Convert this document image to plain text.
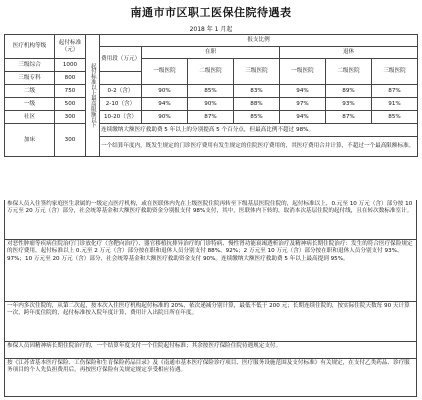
南通市市区职工医保住院待遇表
2018 年 1 月起
医疗机构等级	起付标准（元）	起付标准以上最高限额以下	报支比例						
			费用段（万元）	在职			退休		
三级综合	1000			一级医院	二级医院	三级医院	一级医院	二级医院	三级医院
三级专科	800								
二级	750		0-2（含）	90%	85%	83%	94%	89%	87%
一级	500		2-10（含）	94%	90%	88%	97%	93%	91%
社区	300		10-20（含）	90%	87%	85%	94%	87%	85%
加床	300		连续缴纳大额医疗救助费 5 年以上的分别提高 5 个百分点，但最高比例不超过 98%。						
			一个结算年度内，既发生规定的门诊医疗费用有发生规定的住院医疗费用的，其医疗费用合并计算，不超过一个最高限额标准。						

参保人员入住签约家庭医生隶属的一级定点医疗机构，或在医联体内先在上级医院住院再转至下级基层医院住院的，起付标准以上，0.元至 10 万元（含）部分按 10 万元至 20 万元（含）部分，社会统筹基金和大额医疗救助资金分别报支付 98%支付，其中，医联体内下转的，取消本次基层住院的起付线，且在转次数标准室计。

对恶性肿瘤等疾病住院治疗门诊放化疗（含靶向治疗）、器官移植抗排异治疗的门诊特病、慢性肾功能衰竭透析治疗及精神病长期住院治疗：发生的符合医疗保险规定的医疗费用，起付标准以上 0.元至 2 万元（含）部分按在职和退休人员分别支付 88%、92%；2 万元至 10 万元（含）部分按在职和退休人员分别支付 93%、97%；10 万元至 20 万元（含）部分，社会统筹基金和大额医疗救助资金支付 90%。连续缴纳大额医疗救助费 5 年以上最高提到 95%。

一年内多次住院的，从第二次起，按本次入住医疗机构起付标准的 20%，依次递减分别计算，最低不低于 200 元；长期连续住院的，按实际住院天数每 90 天计算一次，跨年度住院的，起付标准按入院年度计算，费用计入出院日所在年度。

参保人员因精神病长期住院治疗的，一个结算年度支付一个住院起付标准；其余按医疗保险住院待遇规定支付。

按《江苏省基本医疗保险、工伤保险和生育保险药品目录》及《南通市基本医疗保险诊疗项目、医疗服务设施范围及支付标准》有关规定，在支付乙类药品、诊疗服务项目的个人先负担费用后，再按医疗保险有关规定规定享受相应待遇。
